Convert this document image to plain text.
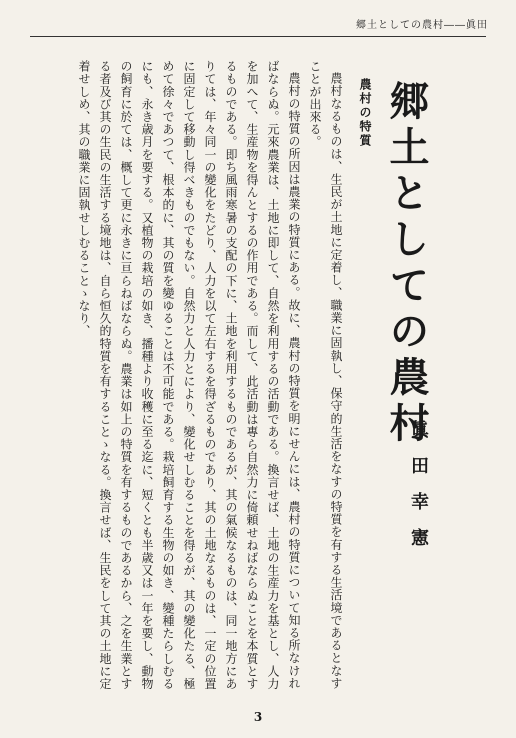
郷土としての農村――眞田
郷土としての農村
眞田幸憲
農村の特質

農村なるものは、生民が土地に定着し、職業に固執し、保守的生活をなすの特質を有する生活境であるとなすことが出來る。

農村の特質の所因は農業の特質にある。故に、農村の特質を明にせんには、農村の特質について知る所なければならぬ。元來農業は、土地に即して、自然を利用するの活動である。換言せば、土地の生産力を基とし、人力を加へて、生産物を得んとするの作用である。而して、此活動は專ら自然力に倚頼せねばならぬことを本質とするものである。即ち風雨寒暑の支配の下に、土地を利用するものであるが、其の氣候なるものは、同一地方にありては、年々同一の變化をたどり、人力を以て左右するを得ざるものであり、其の土地なるものは、一定の位置に固定して移動し得べきものでもない。自然力と人力とにより、變化せしむることを得るが、其の變化たる、極めて徐々であつて、根本的に、其の質を變ゆることは不可能である。栽培飼育する生物の如き、變種たらしむるにも、永き歳月を要する。又植物の栽培の如き、播種より收穫に至る迄に、短くとも半歳又は一年を要し、動物の飼育に於ては、概して更に永きに亘らねばならぬ。農業は如上の特質を有するものであるから、之を生業とする者及び其の生民の生活する境地は、自ら恒久的特質を有することゝなる。換言せば、生民をして其の土地に定着せしめ、其の職業に固執せしむることゝなり、

3
